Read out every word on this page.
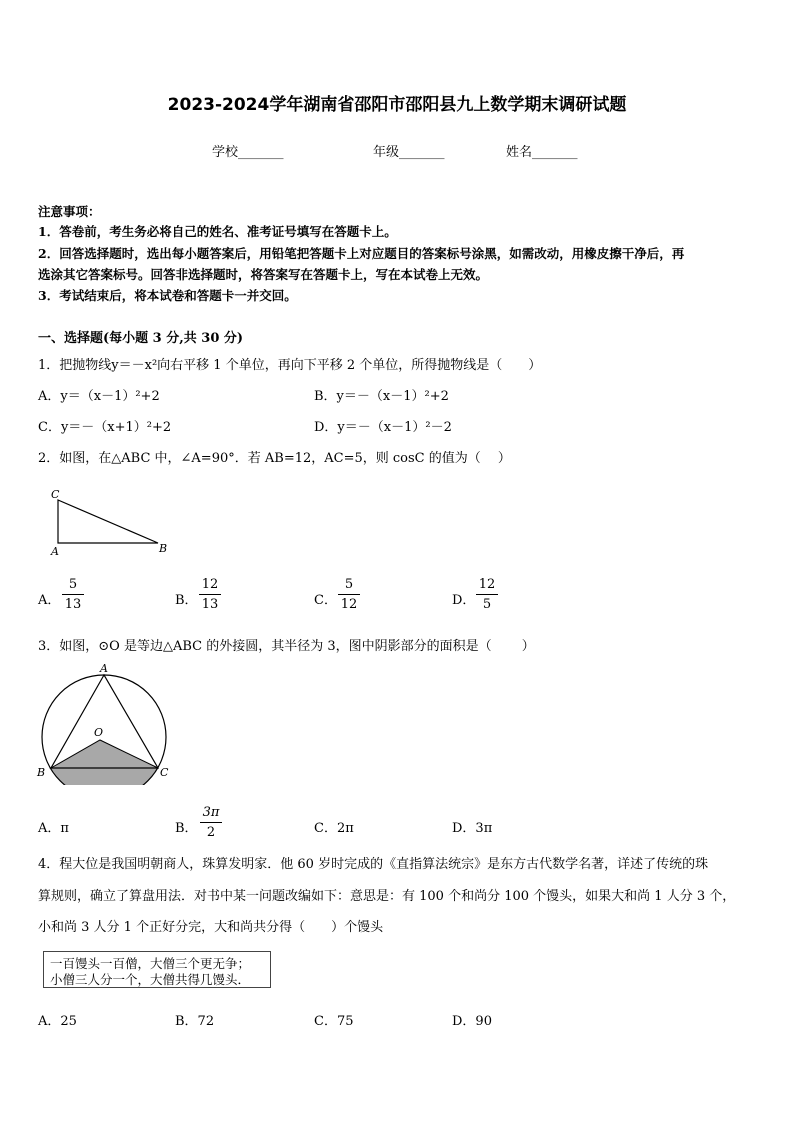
2023-2024学年湖南省邵阳市邵阳县九上数学期末调研试题
学校_______	年级_______	姓名_______
注意事项：
1．答卷前，考生务必将自己的姓名、准考证号填写在答题卡上。
2．回答选择题时，选出每小题答案后，用铅笔把答题卡上对应题目的答案标号涂黑，如需改动，用橡皮擦干净后，再
选涂其它答案标号。回答非选择题时，将答案写在答题卡上，写在本试卷上无效。
3．考试结束后，将本试卷和答题卡一并交回。
一、选择题(每小题 3 分,共 30 分)
1．把抛物线y＝－x²向右平移 1 个单位，再向下平移 2 个单位，所得抛物线是（　　）
A．y＝（x－1）²+2	B．y＝－（x－1）²+2
C．y＝－（x+1）²+2	D．y＝－（x－1）²－2
2．如图，在△ABC 中，∠A=90°．若 AB=12，AC=5，则 cosC 的值为（　 ）
C
A	B
A．
5
13	B．
12
13	C．
5
12	D．
12
5
3．如图，⊙O 是等边△ABC 的外接圆，其半径为 3，图中阴影部分的面积是（　　 ）
A
O
B	C
A．π	B．
3π
2	C．2π	D．3π
4．程大位是我国明朝商人，珠算发明家．他 60 岁时完成的《直指算法统宗》是东方古代数学名著，详述了传统的珠
算规则，确立了算盘用法．对书中某一问题改编如下：意思是：有 100 个和尚分 100 个馒头，如果大和尚 1 人分 3 个，
小和尚 3 人分 1 个正好分完，大和尚共分得（　　）个馒头
一百馒头一百僧，大僧三个更无争；
小僧三人分一个，大僧共得几馒头．
A．25	B．72	C．75	D．90
